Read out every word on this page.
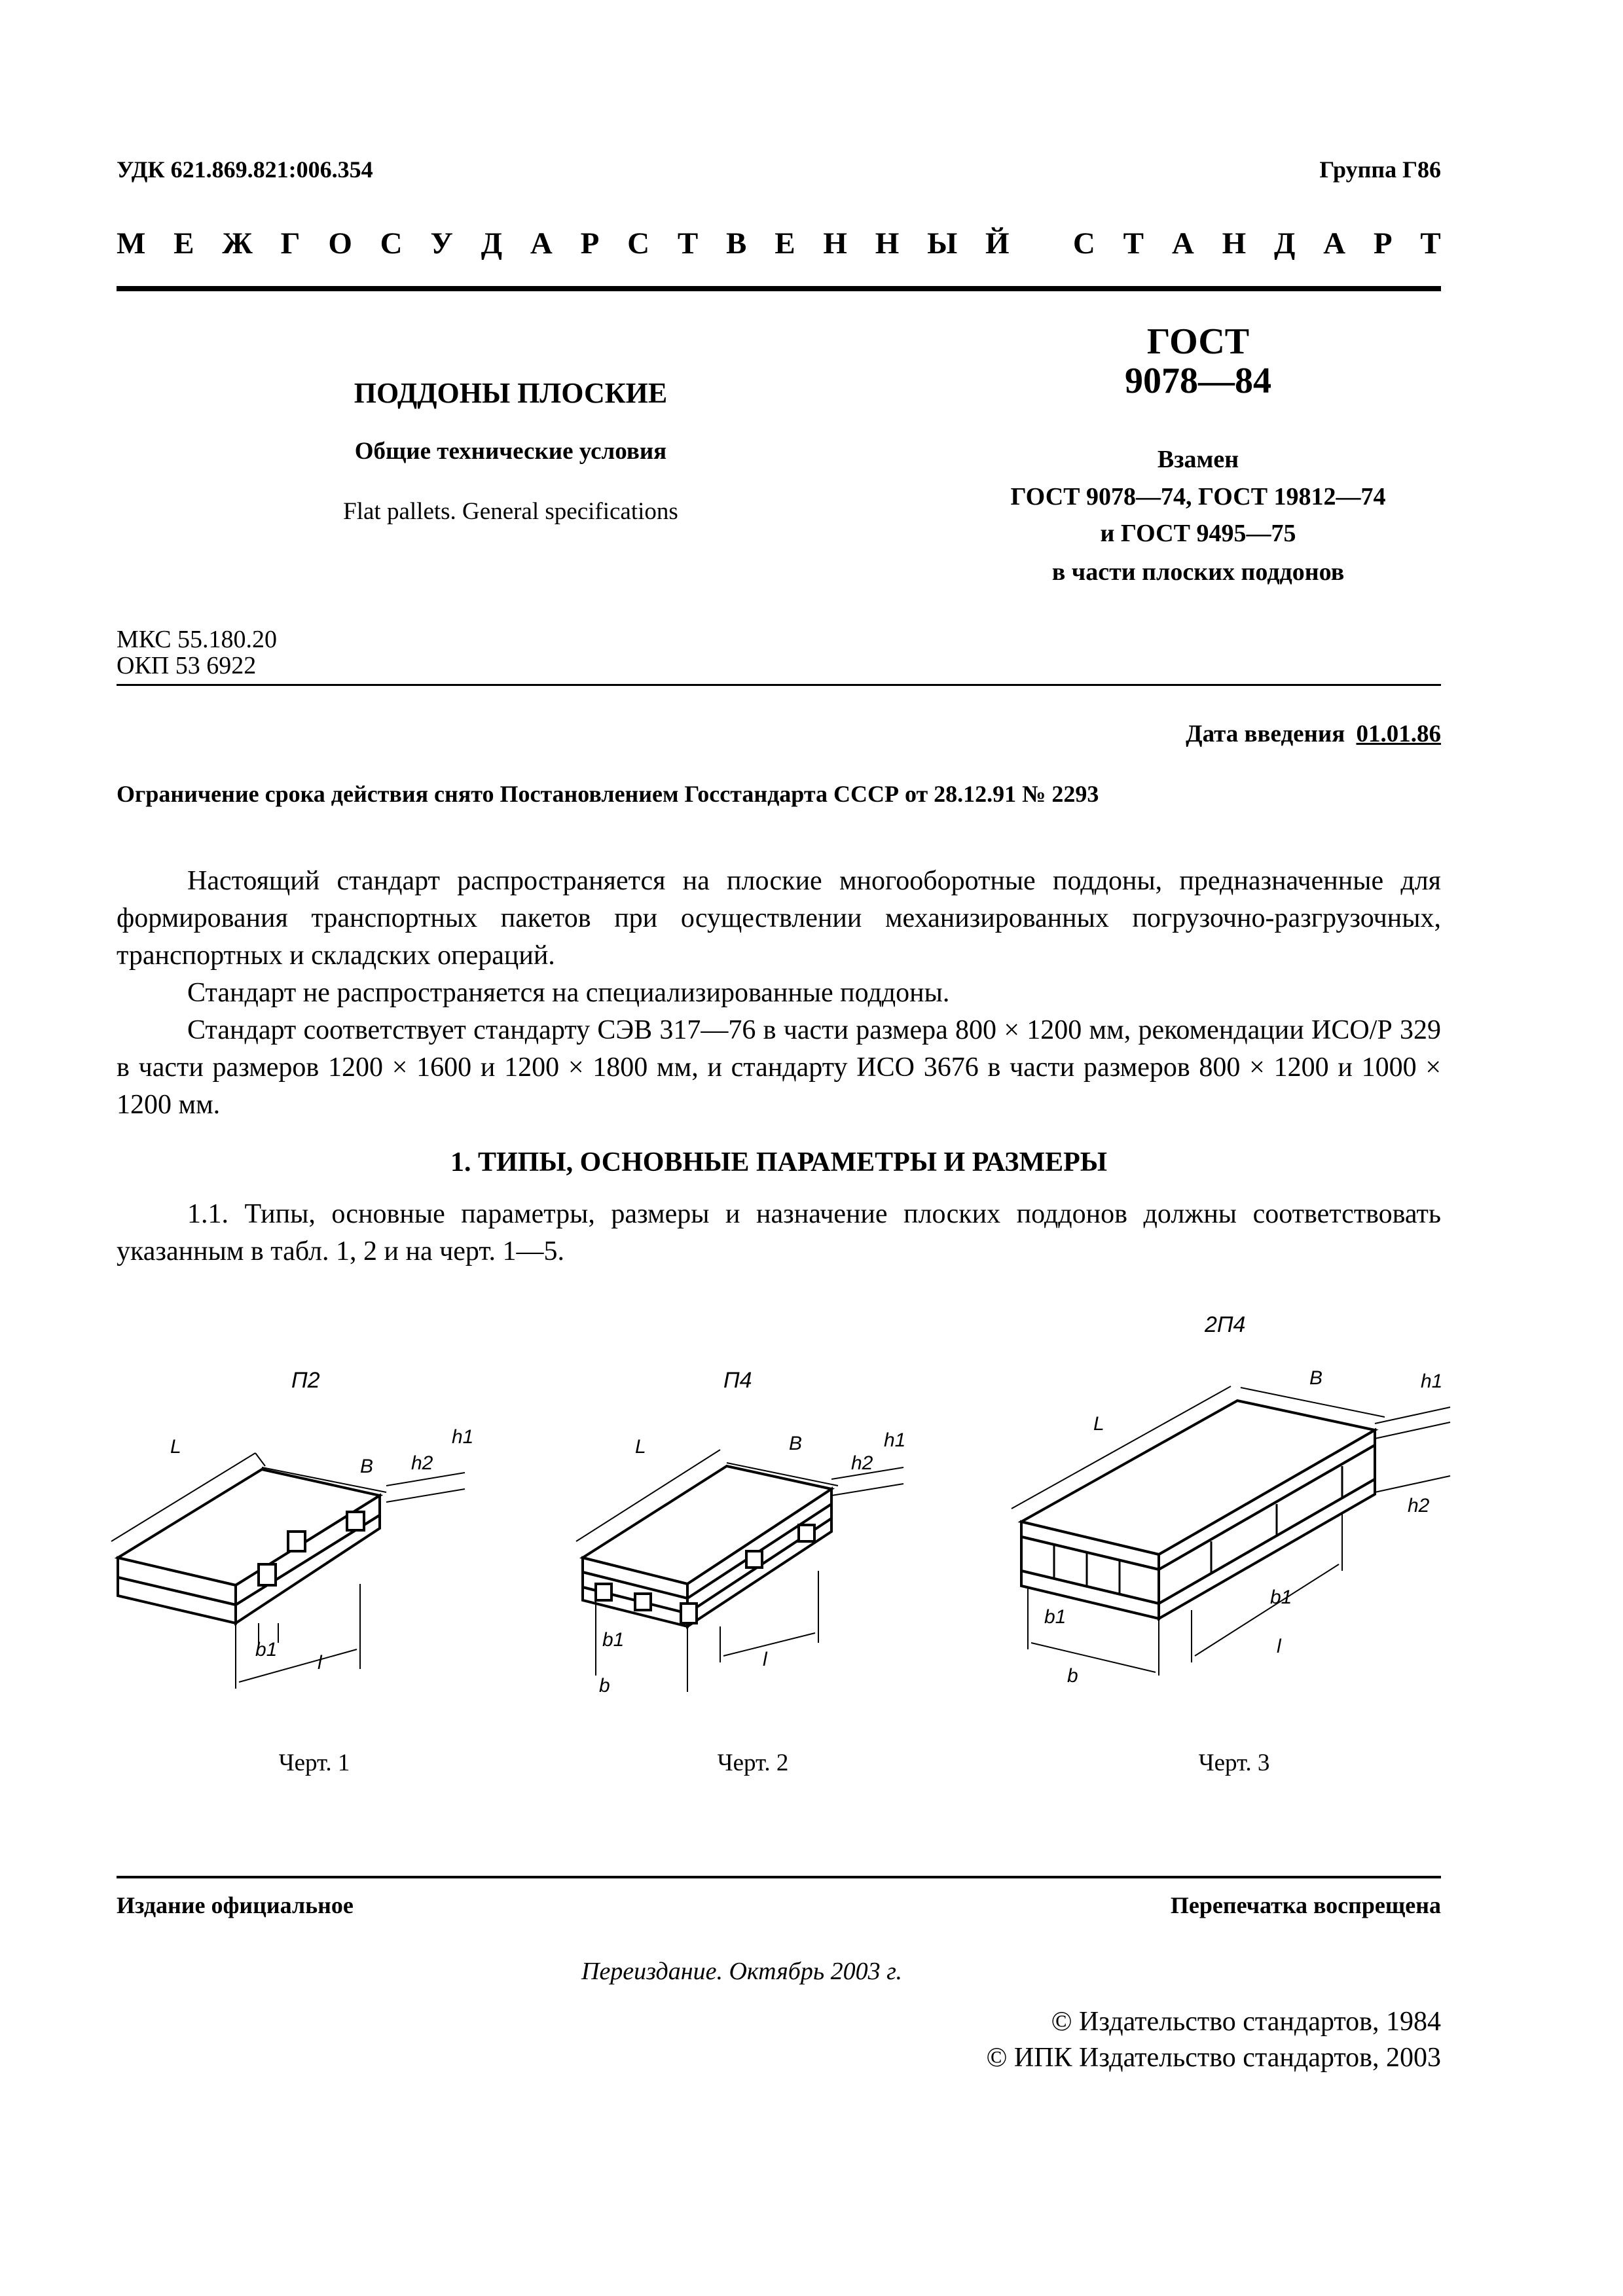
УДК 621.869.821:006.354	Группа Г86
М Е Ж Г О С У Д А Р С Т В Е Н Н Ы Й
С Т А Н Д А Р Т
ПОДДОНЫ ПЛОСКИЕ
Общие технические условия
Flat pallets. General specifications
ГОСТ
9078—84
Взамен
ГОСТ 9078—74, ГОСТ 19812—74
и ГОСТ 9495—75
в части плоских поддонов
МКС 55.180.20
ОКП 53 6922
Дата введения 01.01.86
Ограничение срока действия снято Постановлением Госстандарта СССР от 28.12.91 № 2293

Настоящий стандарт распространяется на плоские многооборотные поддоны, предназначенные для формирования транспортных пакетов при осуществлении механизированных погрузочно-разгрузочных, транспортных и складских операций.

Стандарт не распространяется на специализированные поддоны.

Стандарт соответствует стандарту СЭВ 317—76 в части размера 800 × 1200 мм, рекомендации ИСО/Р 329 в части размеров 1200 × 1600 и 1200 × 1800 мм, и стандарту ИСО 3676 в части размеров 800 × 1200 и 1000 × 1200 мм.

1. ТИПЫ, ОСНОВНЫЕ ПАРАМЕТРЫ И РАЗМЕРЫ

1.1. Типы, основные параметры, размеры и назначение плоских поддонов должны соответствовать указанным в табл. 1, 2 и на черт. 1—5.

П2	П4
2П4
L
B
h1
h2
b1
l
L	B	h1
h2
b1
b
l
L
B	h1
h2
b1
b
b1
l
Черт. 1	Черт. 2	Черт. 3
Издание официальное	Перепечатка воспрещена
Переиздание. Октябрь 2003 г.
© Издательство стандартов, 1984
© ИПК Издательство стандартов, 2003
